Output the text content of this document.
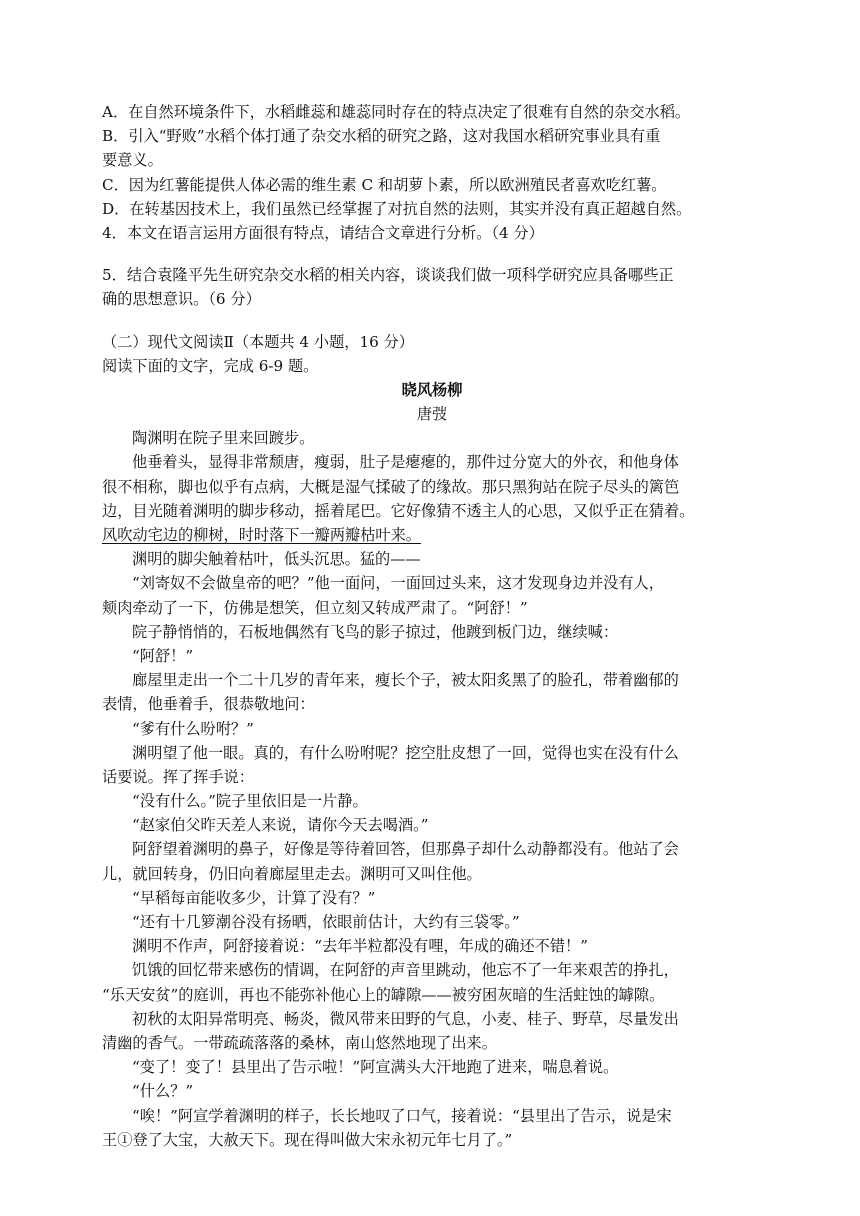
A．在自然环境条件下，水稻雌蕊和雄蕊同时存在的特点决定了很难有自然的杂交水稻。
B．引入“野败”水稻个体打通了杂交水稻的研究之路，这对我国水稻研究事业具有重
要意义。
C．因为红薯能提供人体必需的维生素 C 和胡萝卜素，所以欧洲殖民者喜欢吃红薯。
D．在转基因技术上，我们虽然已经掌握了对抗自然的法则，其实并没有真正超越自然。
4．本文在语言运用方面很有特点，请结合文章进行分析。（4 分）
5．结合袁隆平先生研究杂交水稻的相关内容，谈谈我们做一项科学研究应具备哪些正
确的思想意识。（6 分）
（二）现代文阅读Ⅱ（本题共 4 小题，16 分）
阅读下面的文字，完成 6-9 题。
晓风杨柳
唐弢
陶渊明在院子里来回踱步。
他垂着头，显得非常颓唐，瘦弱，肚子是瘪瘪的，那件过分宽大的外衣，和他身体
很不相称，脚也似乎有点病，大概是湿气揉破了的缘故。那只黑狗站在院子尽头的篱笆
边，目光随着渊明的脚步移动，摇着尾巴。它好像猜不透主人的心思，又似乎正在猜着。
风吹动宅边的柳树，时时落下一瓣两瓣枯叶来。
渊明的脚尖触着枯叶，低头沉思。猛的——
“刘寄奴不会做皇帝的吧？”他一面问，一面回过头来，这才发现身边并没有人，
颊肉牵动了一下，仿佛是想笑，但立刻又转成严肃了。“阿舒！”
院子静悄悄的，石板地偶然有飞鸟的影子掠过，他踱到板门边，继续喊：
“阿舒！”
廊屋里走出一个二十几岁的青年来，瘦长个子，被太阳炙黑了的脸孔，带着幽郁的
表情，他垂着手，很恭敬地问：
“爹有什么吩咐？”
渊明望了他一眼。真的，有什么吩咐呢？挖空肚皮想了一回，觉得也实在没有什么
话要说。挥了挥手说：
“没有什么。”院子里依旧是一片静。
“赵家伯父昨天差人来说，请你今天去喝酒。”
阿舒望着渊明的鼻子，好像是等待着回答，但那鼻子却什么动静都没有。他站了会
儿，就回转身，仍旧向着廊屋里走去。渊明可又叫住他。
“早稻每亩能收多少，计算了没有？”
“还有十几箩潮谷没有扬晒，依眼前估计，大约有三袋零。”
渊明不作声，阿舒接着说：“去年半粒都没有哩，年成的确还不错！”
饥饿的回忆带来感伤的情调，在阿舒的声音里跳动，他忘不了一年来艰苦的挣扎，
“乐天安贫”的庭训，再也不能弥补他心上的罅隙——被穷困灰暗的生活蛀蚀的罅隙。
初秋的太阳异常明亮、畅炎，微风带来田野的气息，小麦、桂子、野草，尽量发出
清幽的香气。一带疏疏落落的桑林，南山悠然地现了出来。
“变了！变了！县里出了告示啦！”阿宣满头大汗地跑了进来，喘息着说。
“什么？”
“唉！”阿宣学着渊明的样子，长长地叹了口气，接着说：“县里出了告示，说是宋
王①登了大宝，大赦天下。现在得叫做大宋永初元年七月了。”
